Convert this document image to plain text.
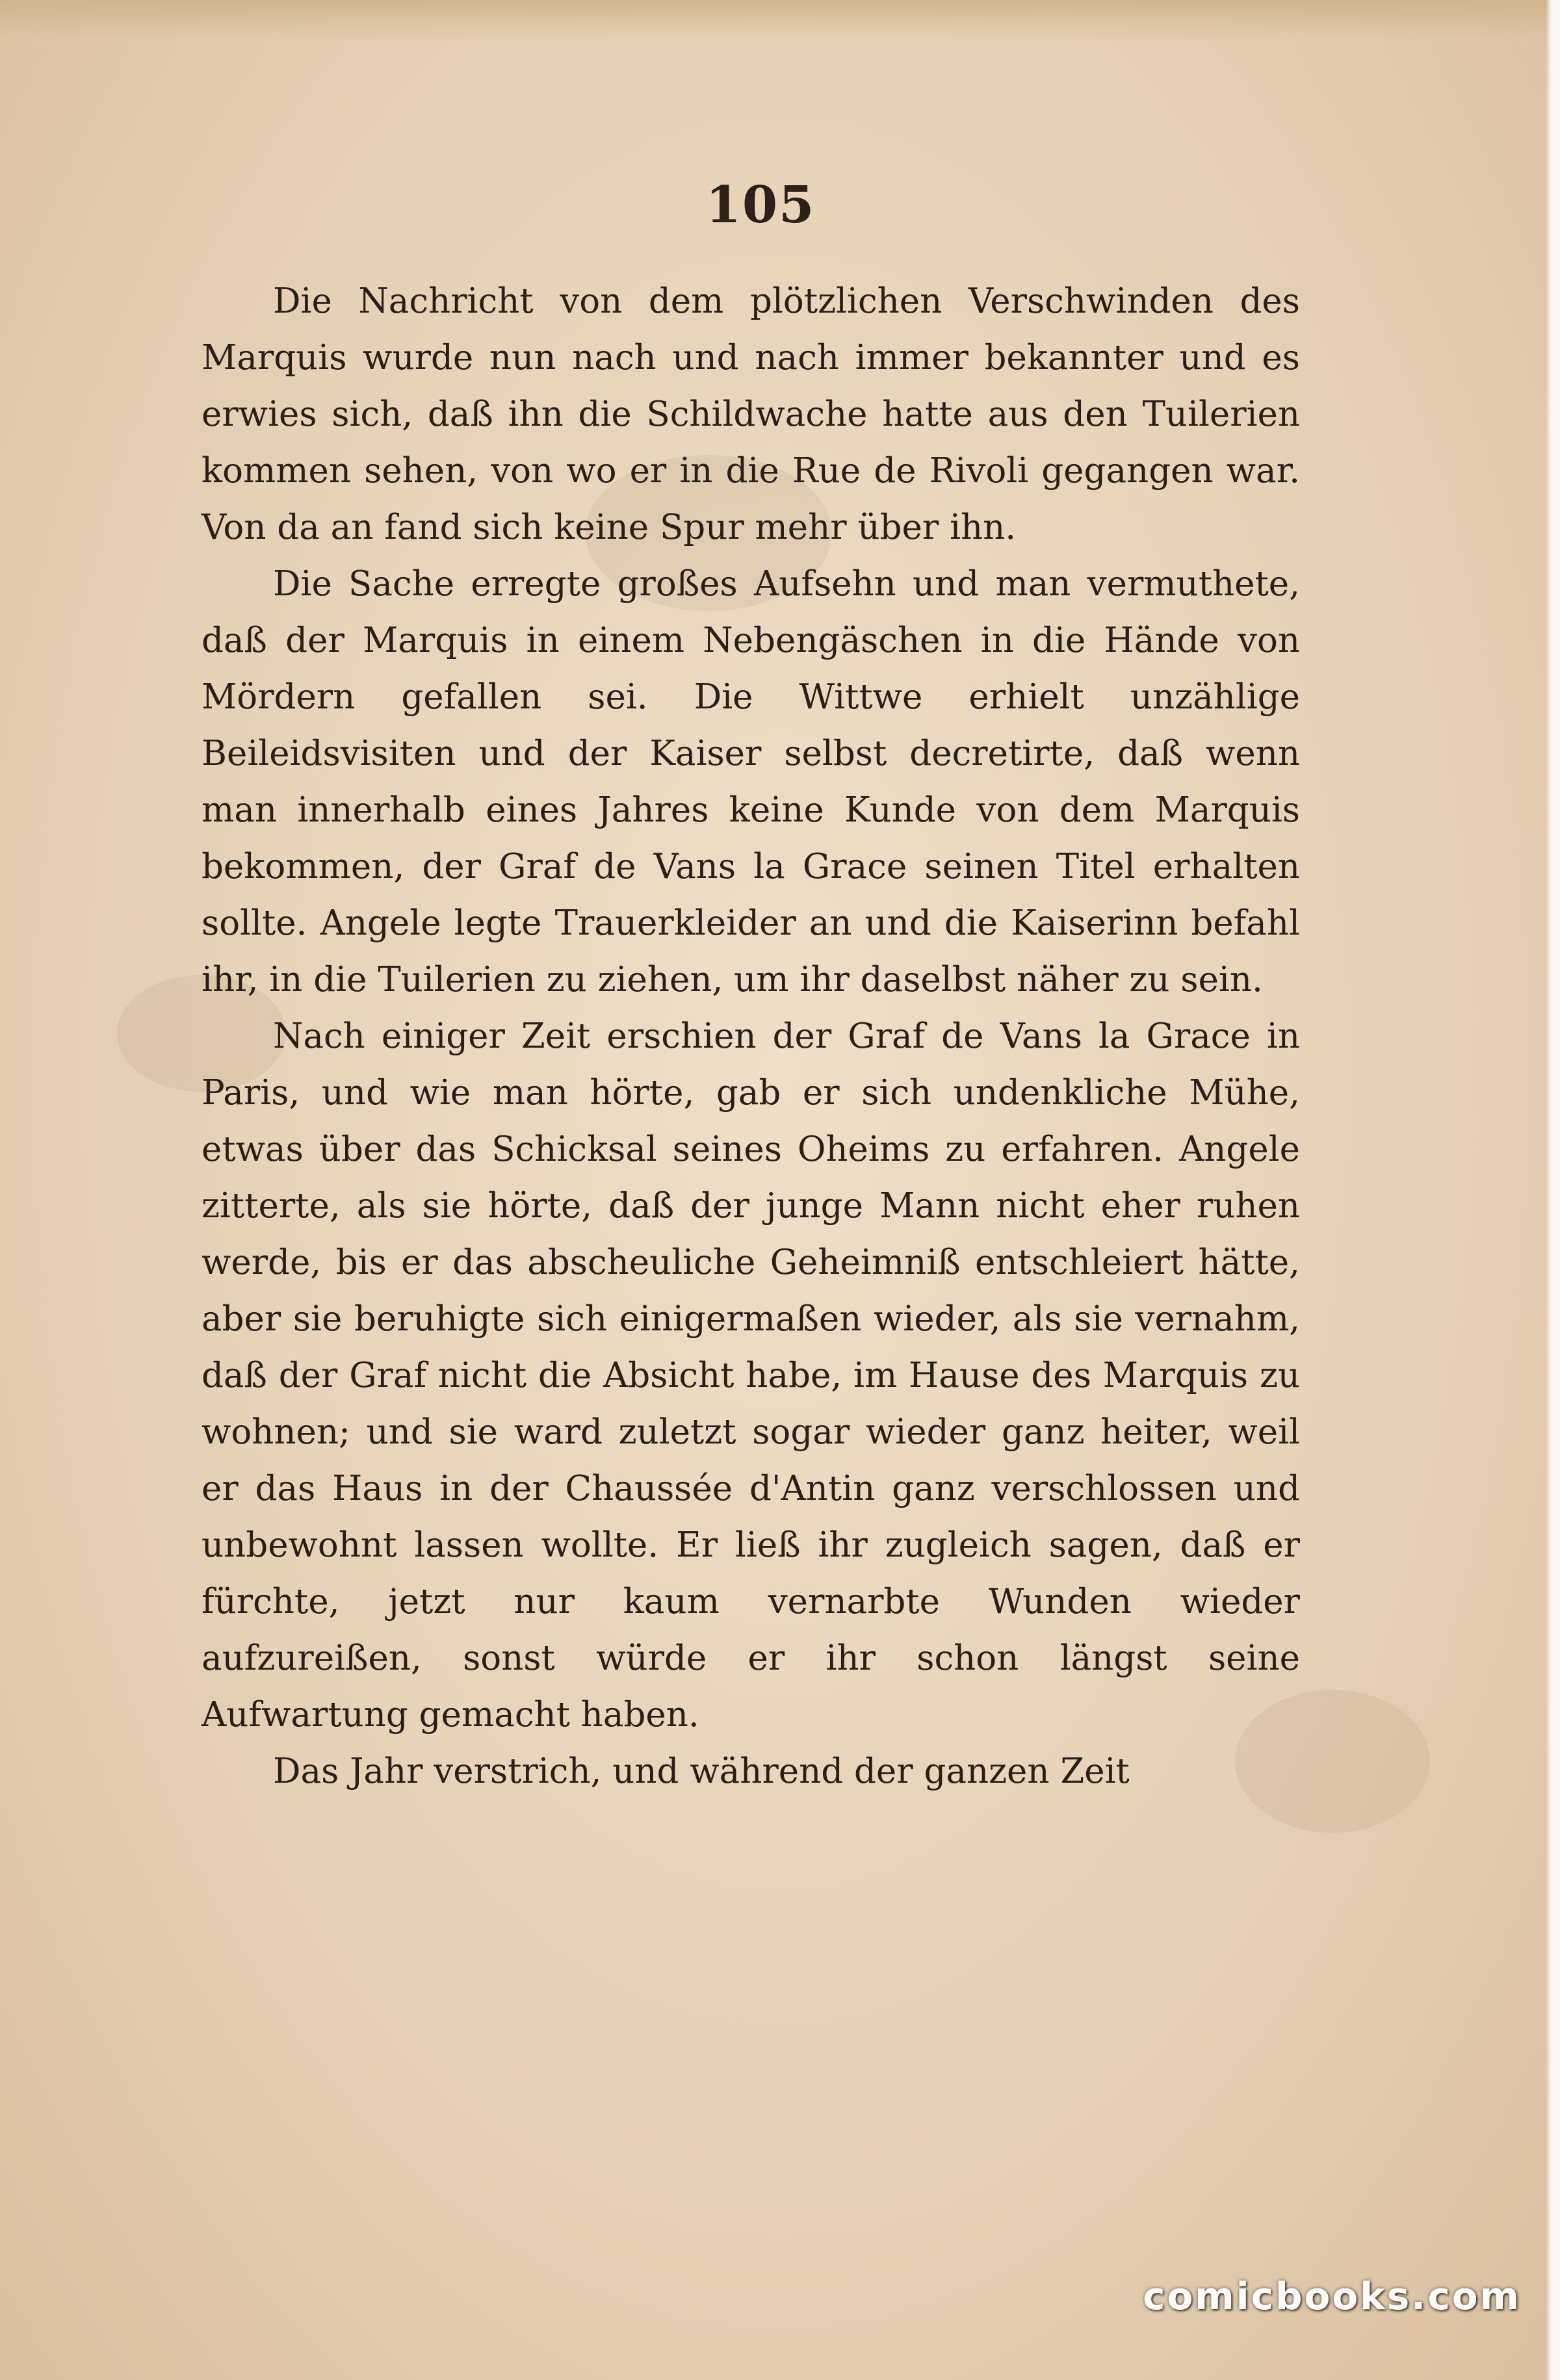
105

Die Nachricht von dem plötzlichen Verschwinden des Marquis wurde nun nach und nach immer bekannter und es erwies sich, daß ihn die Schildwache hatte aus den Tuilerien kommen sehen, von wo er in die Rue de Rivoli gegangen war. Von da an fand sich keine Spur mehr über ihn.

Die Sache erregte großes Aufsehn und man vermuthete, daß der Marquis in einem Nebengäschen in die Hände von Mördern gefallen sei. Die Wittwe erhielt unzählige Beileidsvisiten und der Kaiser selbst decretirte, daß wenn man innerhalb eines Jahres keine Kunde von dem Marquis bekommen, der Graf de Vans la Grace seinen Titel erhalten sollte. Angele legte Trauerkleider an und die Kaiserinn befahl ihr, in die Tuilerien zu ziehen, um ihr daselbst näher zu sein.

Nach einiger Zeit erschien der Graf de Vans la Grace in Paris, und wie man hörte, gab er sich undenkliche Mühe, etwas über das Schicksal seines Oheims zu erfahren. Angele zitterte, als sie hörte, daß der junge Mann nicht eher ruhen werde, bis er das abscheuliche Geheimniß entschleiert hätte, aber sie beruhigte sich einigermaßen wieder, als sie vernahm, daß der Graf nicht die Absicht habe, im Hause des Marquis zu wohnen; und sie ward zuletzt sogar wieder ganz heiter, weil er das Haus in der Chaussée d'Antin ganz verschlossen und unbewohnt lassen wollte. Er ließ ihr zugleich sagen, daß er fürchte, jetzt nur kaum vernarbte Wunden wieder aufzureißen, sonst würde er ihr schon längst seine Aufwartung gemacht haben.

Das Jahr verstrich, und während der ganzen Zeit

comicbooks.com
